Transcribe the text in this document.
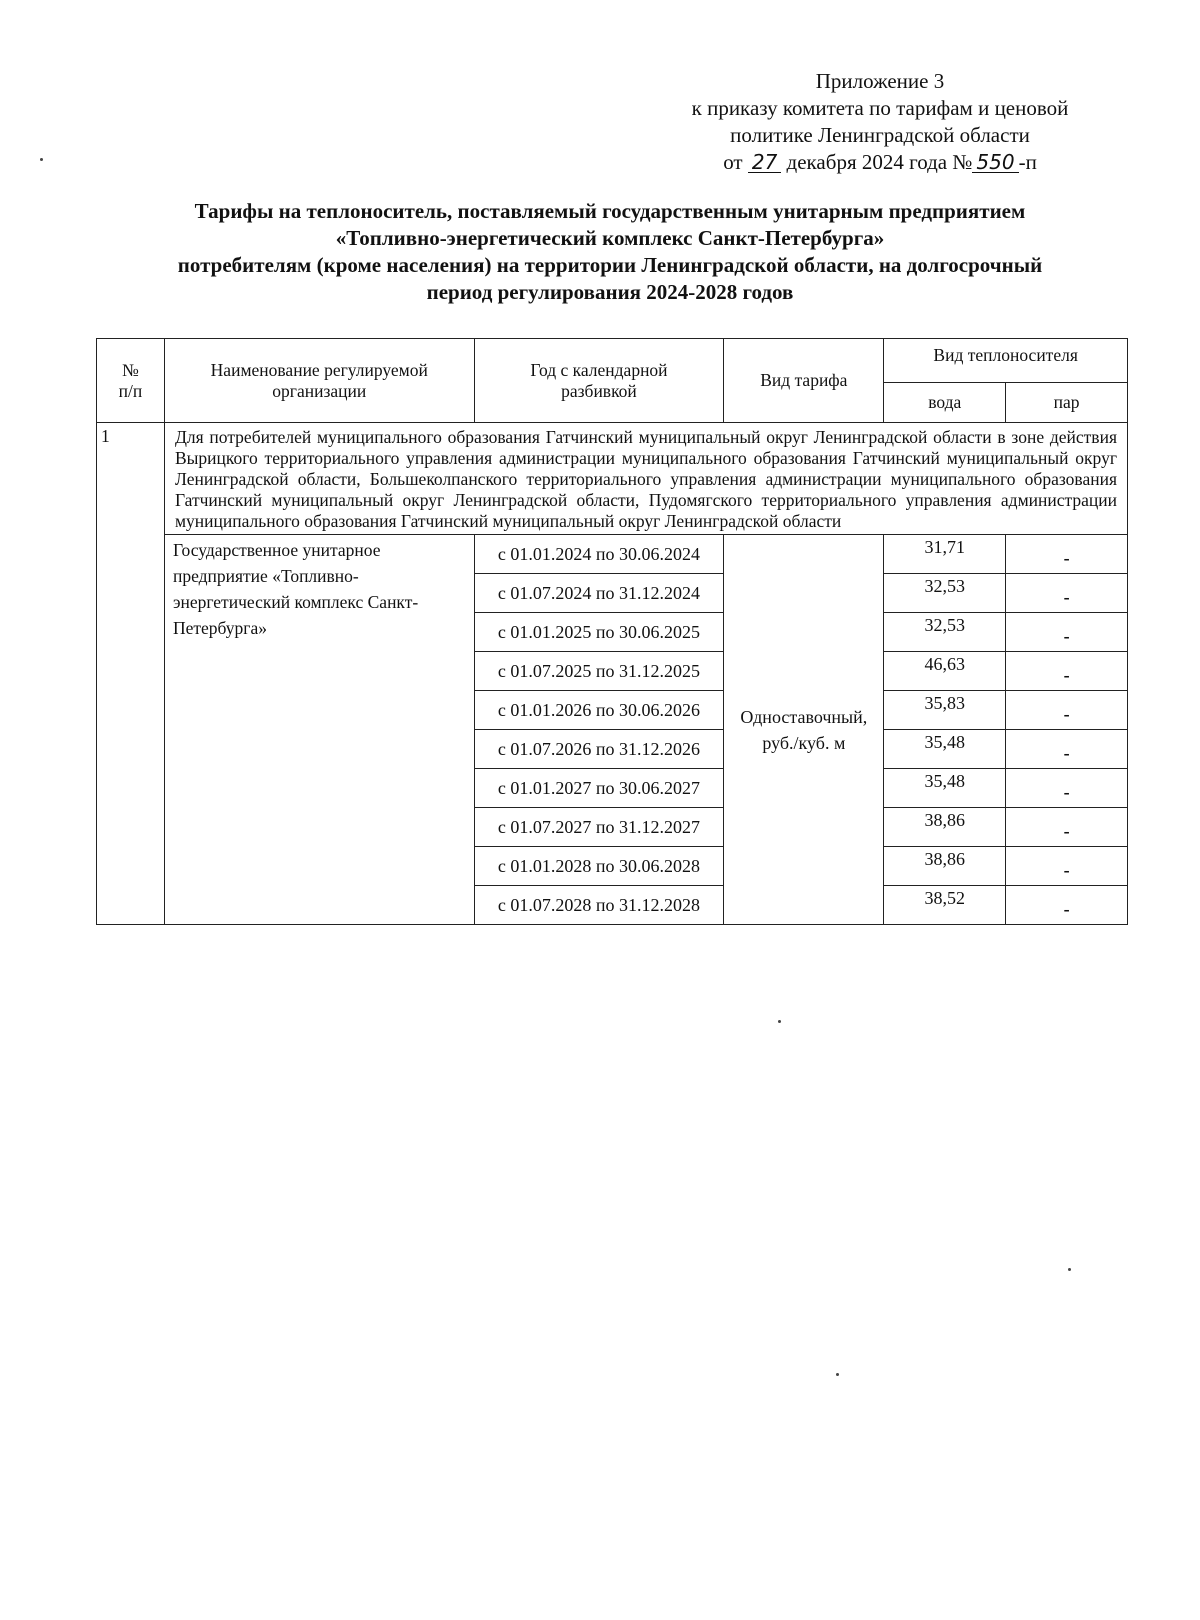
Приложение 3
к приказу комитета по тарифам и ценовой
политике Ленинградской области
от 27 декабря 2024 года № 550 -п
Тарифы на теплоноситель, поставляемый государственным унитарным предприятием
«Топливно-энергетический комплекс Санкт-Петербурга»
потребителям (кроме населения) на территории Ленинградской области, на долгосрочный
период регулирования 2024-2028 годов
№ п/п	Наименование регулируемой организации	Год с календарной разбивкой	Вид тарифа	Вид теплоносителя	
				вода	пар
1	Для потребителей муниципального образования Гатчинский муниципальный округ Ленинградской области в зоне действия Вырицкого территориального управления администрации муниципального образования Гатчинский муниципальный округ Ленинградской области, Большеколпанского территориального управления администрации муниципального образования Гатчинский муниципальный округ Ленинградской области, Пудомягского территориального управления администрации муниципального образования Гатчинский муниципальный округ Ленинградской области				
	Государственное унитарное предприятие «Топливно-энергетический комплекс Санкт-Петербурга»	с 01.01.2024 по 30.06.2024	Одноставочный, руб./куб. м	31,71	-
		с 01.07.2024 по 31.12.2024		32,53	-
		с 01.01.2025 по 30.06.2025		32,53	-
		с 01.07.2025 по 31.12.2025		46,63	-
		с 01.01.2026 по 30.06.2026		35,83	-
		с 01.07.2026 по 31.12.2026		35,48	-
		с 01.01.2027 по 30.06.2027		35,48	-
		с 01.07.2027 по 31.12.2027		38,86	-
		с 01.01.2028 по 30.06.2028		38,86	-
		с 01.07.2028 по 31.12.2028		38,52	-
